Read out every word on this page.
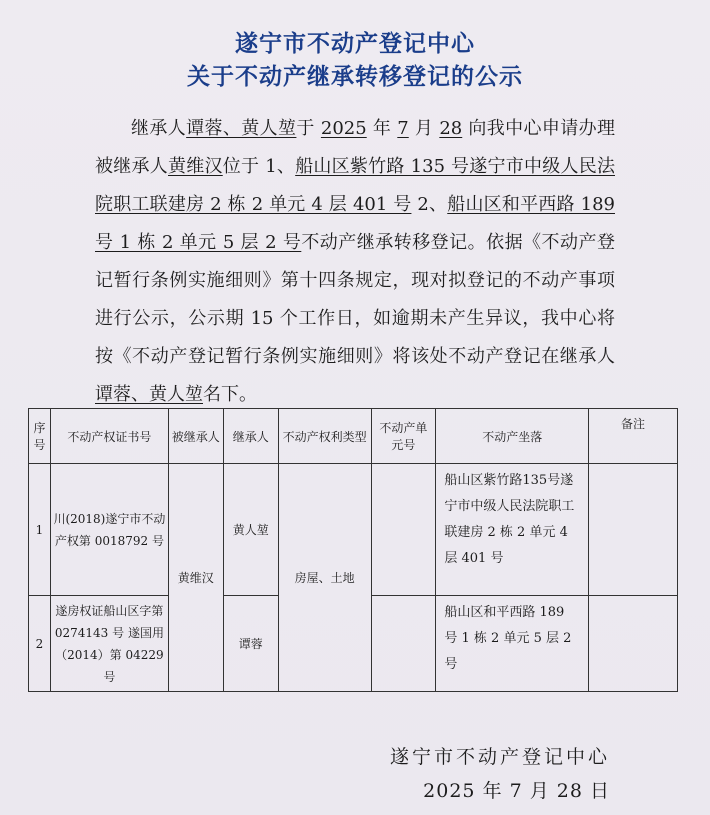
遂宁市不动产登记中心
关于不动产继承转移登记的公示

继承人谭蓉、黄人堃于 2025 年 7 月 28 向我中心申请办理被继承人黄维汉位于 1、船山区紫竹路 135 号遂宁市中级人民法院职工联建房 2 栋 2 单元 4 层 401 号 2、船山区和平西路 189 号 1 栋 2 单元 5 层 2 号不动产继承转移登记。依据《不动产登记暂行条例实施细则》第十四条规定，现对拟登记的不动产事项进行公示，公示期 15 个工作日，如逾期未产生异议，我中心将按《不动产登记暂行条例实施细则》将该处不动产登记在继承人谭蓉、黄人堃名下。

序号	不动产权证书号	被继承人	继承人	不动产权利类型	不动产单元号	不动产坐落	备注
1	川(2018)遂宁市不动产权第 0018792 号	黄维汉	黄人堃	房屋、土地		船山区紫竹路135号遂宁市中级人民法院职工联建房 2 栋 2 单元 4 层 401 号	
2	遂房权证船山区字第 0274143 号 遂国用（2014）第 04229 号		谭蓉			船山区和平西路 189 号 1 栋 2 单元 5 层 2 号	
遂宁市不动产登记中心
2025 年 7 月 28 日
